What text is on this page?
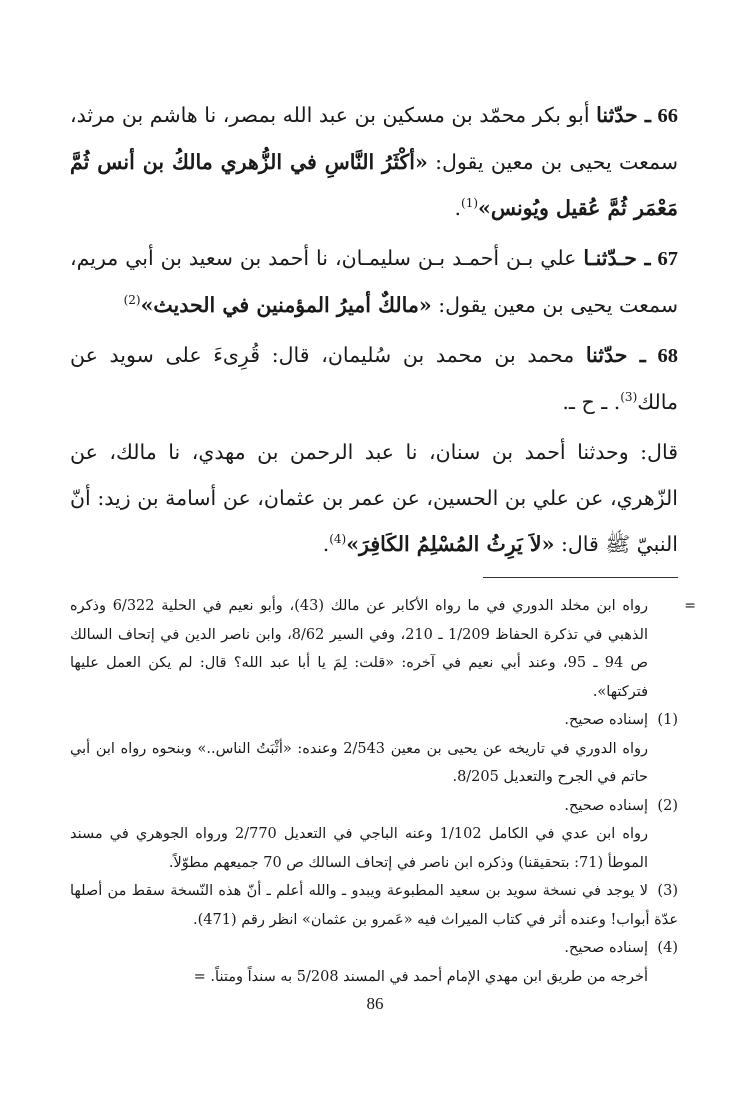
66 ـ حدّثنا أبو بكر محمّد بن مسكين بن عبد الله بمصر، نا هاشم بن مرثد، سمعت يحيى بن معين يقول: «أكْثَرُ النَّاسِ في الزُّهري مالكُ بن أنس ثُمَّ مَعْمَر ثُمَّ عُقيل ويُونس»$^{(1)}$.

67 ـ حـدّثنـا علي بـن أحمـد بـن سليمـان، نا أحمد بن سعيد بن أبي مريم، سمعت يحيى بن معين يقول: «مالكٌ أميرُ المؤمنين في الحديث»$^{(2)}$

68 ـ حدّثنا محمد بن محمد بن سُليمان، قال: قُرِىءَ على سويد عن مالك$^{(3)}$. ـ ح ـ.

قال: وحدثنا أحمد بن سنان، نا عبد الرحمن بن مهدي، نا مالك، عن الزّهري، عن علي بن الحسين، عن عمر بن عثمان، عن أسامة بن زيد: أنّ النبيّ ﷺ قال: «لاَ يَرِثُ المُسْلِمُ الكَافِرَ»$^{(4)}$.

=

رواه ابن مخلد الدوري في ما رواه الأكابر عن مالك (43)، وأبو نعيم في الحلية 6/322 وذكره الذهبي في تذكرة الحفاظ 1/209 ـ 210، وفي السير 8/62، وابن ناصر الدين في إتحاف السالك ص 94 ـ 95، وعند أبي نعيم في آخره: «قلت: لِمَ يا أبا عبد الله؟ قال: لم يكن العمل عليها فتركتها».

(1)إسناده صحيح.

رواه الدوري في تاريخه عن يحيى بن معين 2/543 وعنده: «أثْبَتُ الناس..» وبنحوه رواه ابن أبي حاتم في الجرح والتعديل 8/205.

(2)إسناده صحيح.

رواه ابن عدي في الكامل 1/102 وعنه الباجي في التعديل 2/770 ورواه الجوهري في مسند الموطأ (71: بتحقيقنا) وذكره ابن ناصر في إتحاف السالك ص 70 جميعهم مطوّلاً.

(3)لا يوجد في نسخة سويد بن سعيد المطبوعة ويبدو ـ والله أعلم ـ أنّ هذه النّسخة سقط من أصلها عدّة أبواب! وعنده أثر في كتاب الميراث فيه «عَمرو بن عثمان» انظر رقم (471).

(4)إسناده صحيح.

أخرجه من طريق ابن مهدي الإمام أحمد في المسند 5/208 به سنداً ومتناً. =

86
